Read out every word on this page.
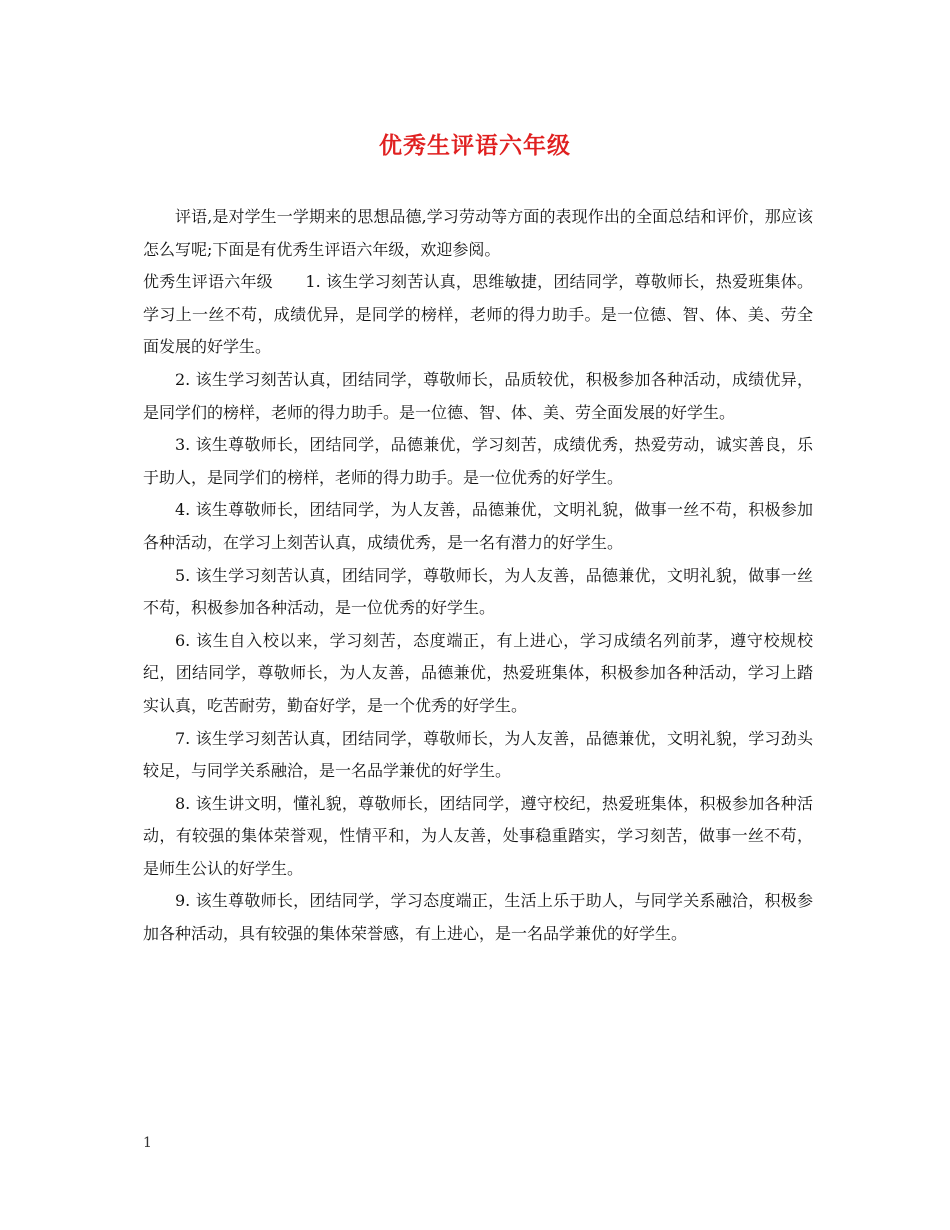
优秀生评语六年级

评语,是对学生一学期来的思想品德,学习劳动等方面的表现作出的全面总结和评价，那应该怎么写呢;下面是有优秀生评语六年级，欢迎参阅。

优秀生评语六年级　　1. 该生学习刻苦认真，思维敏捷，团结同学，尊敬师长，热爱班集体。学习上一丝不苟，成绩优异，是同学的榜样，老师的得力助手。是一位德、智、体、美、劳全面发展的好学生。

2. 该生学习刻苦认真，团结同学，尊敬师长，品质较优，积极参加各种活动，成绩优异，是同学们的榜样，老师的得力助手。是一位德、智、体、美、劳全面发展的好学生。

3. 该生尊敬师长，团结同学，品德兼优，学习刻苦，成绩优秀，热爱劳动，诚实善良，乐于助人，是同学们的榜样，老师的得力助手。是一位优秀的好学生。

4. 该生尊敬师长，团结同学，为人友善，品德兼优，文明礼貌，做事一丝不苟，积极参加各种活动，在学习上刻苦认真，成绩优秀，是一名有潜力的好学生。

5. 该生学习刻苦认真，团结同学，尊敬师长，为人友善，品德兼优，文明礼貌，做事一丝不苟，积极参加各种活动，是一位优秀的好学生。

6. 该生自入校以来，学习刻苦，态度端正，有上进心，学习成绩名列前茅，遵守校规校纪，团结同学，尊敬师长，为人友善，品德兼优，热爱班集体，积极参加各种活动，学习上踏实认真，吃苦耐劳，勤奋好学，是一个优秀的好学生。

7. 该生学习刻苦认真，团结同学，尊敬师长，为人友善，品德兼优，文明礼貌，学习劲头较足，与同学关系融洽，是一名品学兼优的好学生。

8. 该生讲文明，懂礼貌，尊敬师长，团结同学，遵守校纪，热爱班集体，积极参加各种活动，有较强的集体荣誉观，性情平和，为人友善，处事稳重踏实，学习刻苦，做事一丝不苟，是师生公认的好学生。

9. 该生尊敬师长，团结同学，学习态度端正，生活上乐于助人，与同学关系融洽，积极参加各种活动，具有较强的集体荣誉感，有上进心，是一名品学兼优的好学生。

1
